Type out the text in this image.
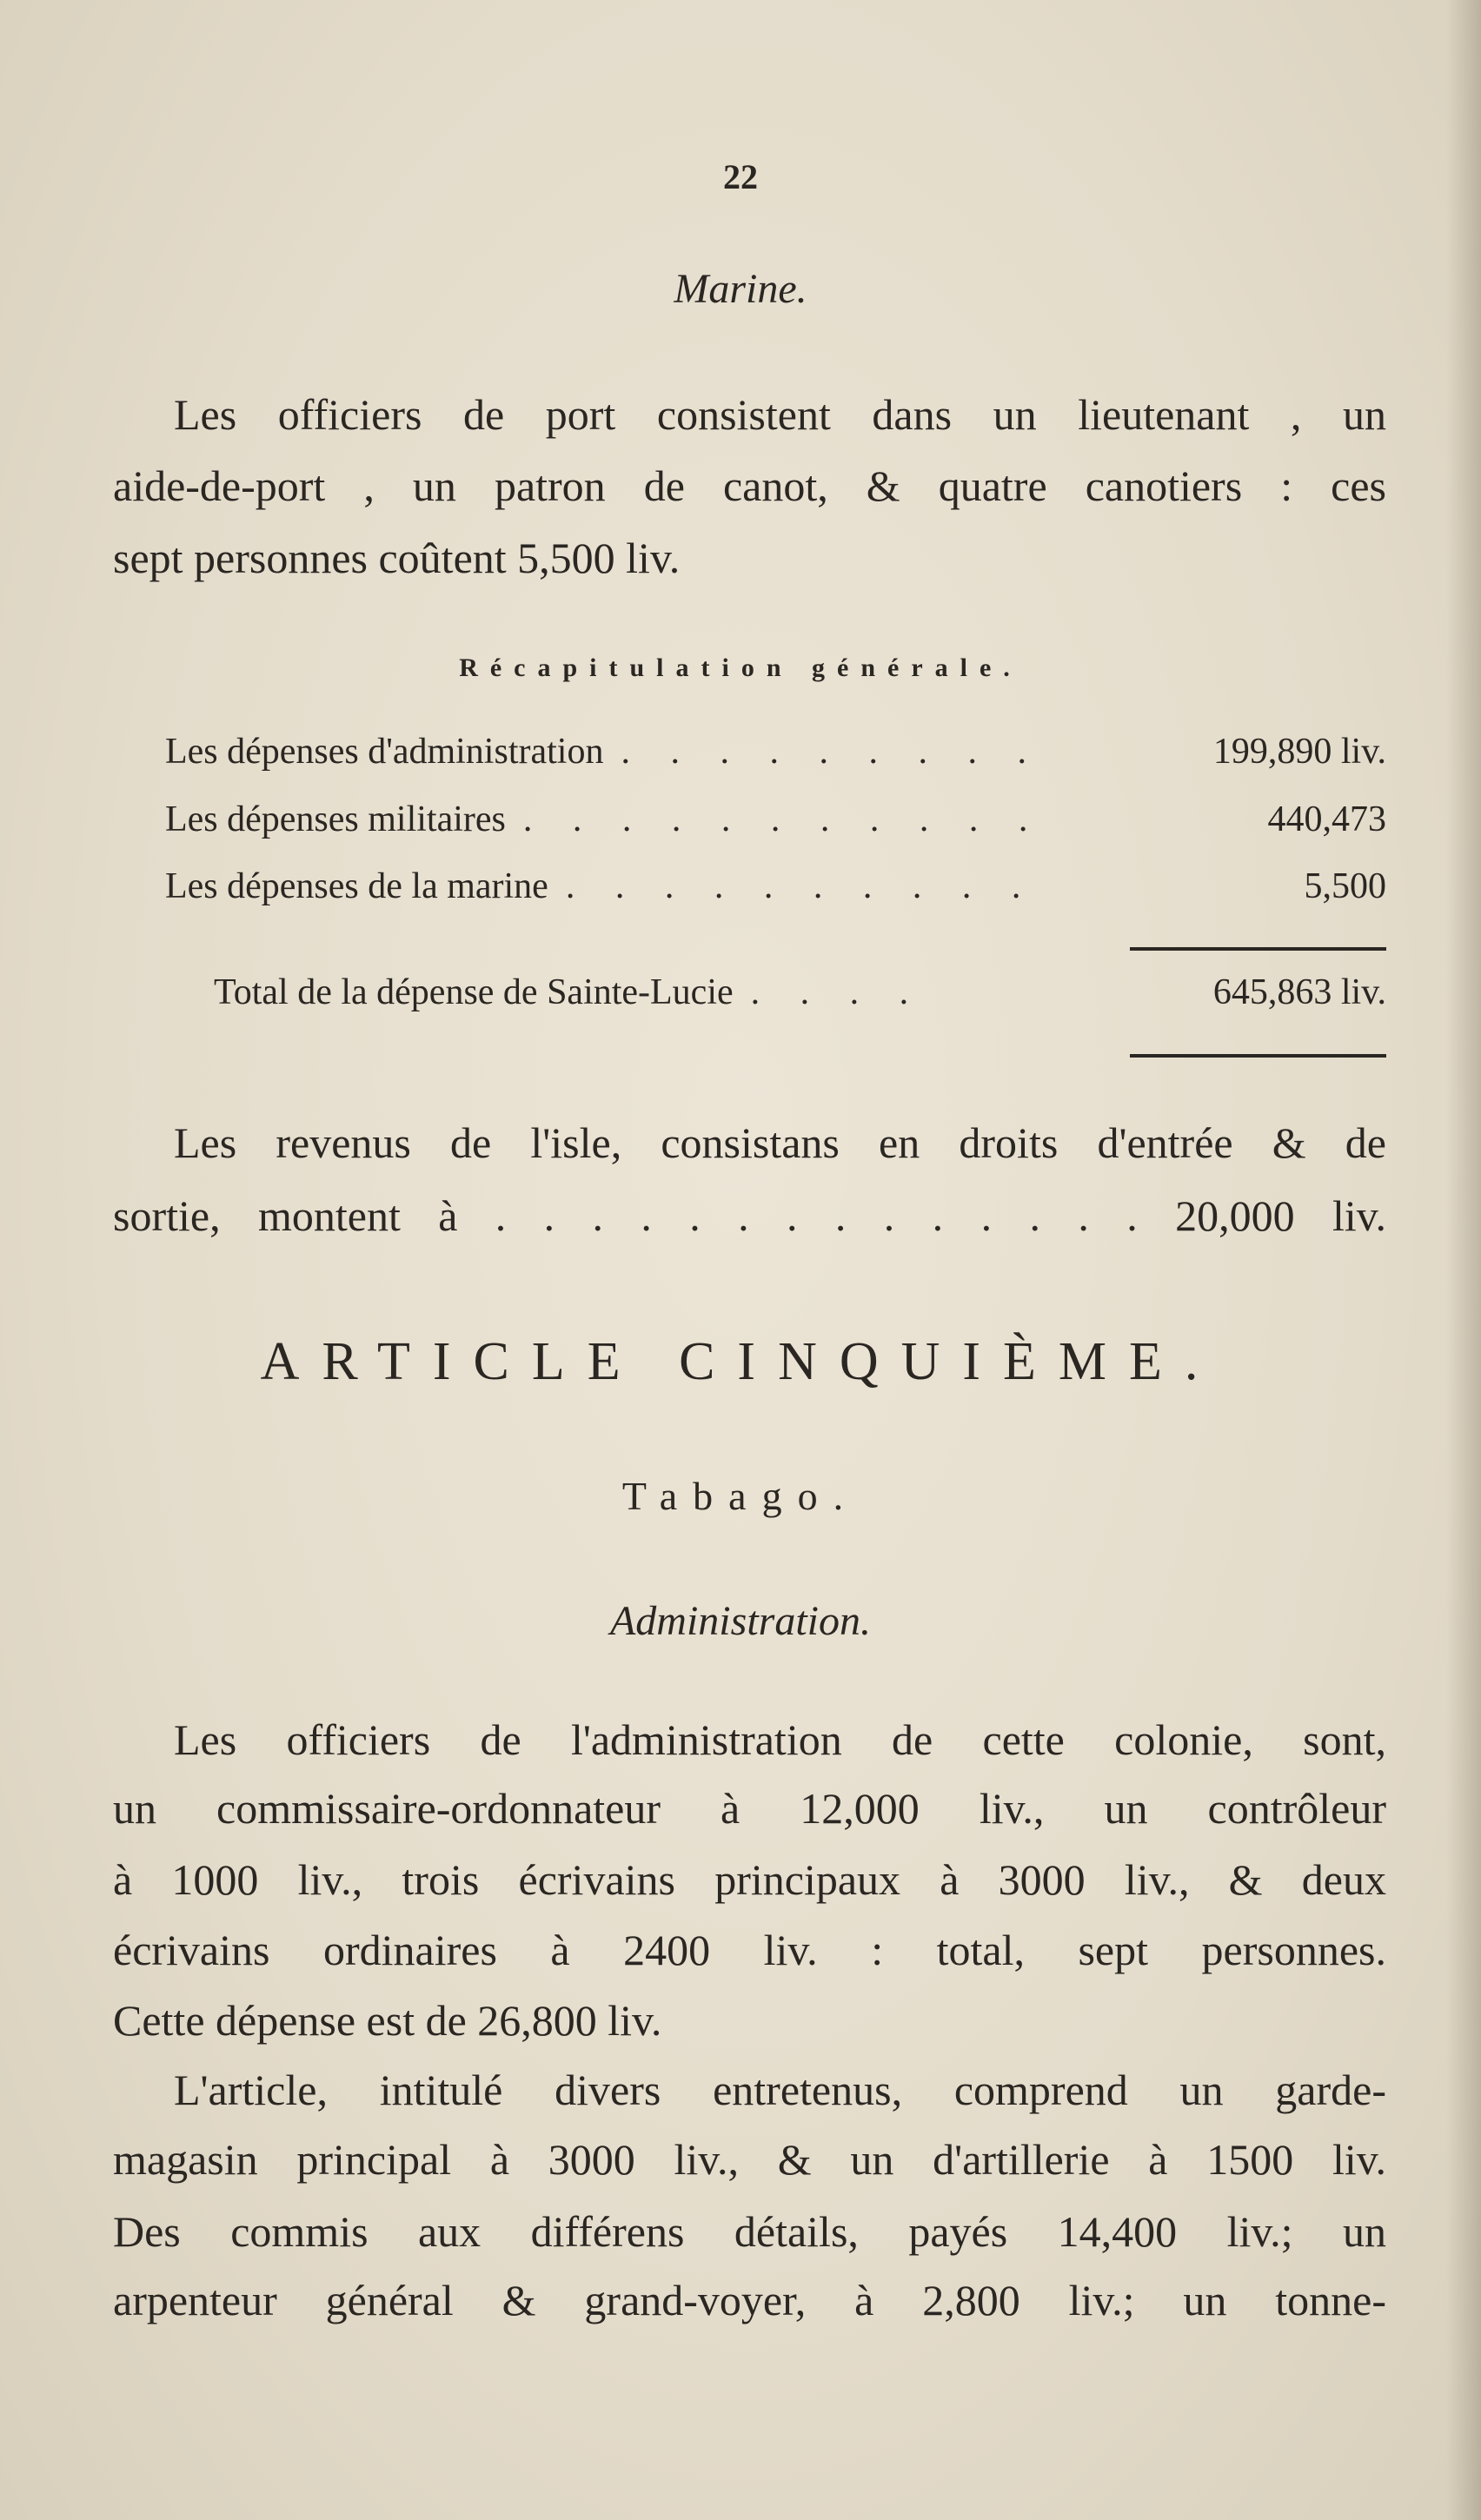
22
Marine.
Les officiers de port consistent dans un lieutenant , un
aide-de-port , un patron de canot, & quatre canotiers : ces
sept personnes coûtent 5,500 liv.
Récapitulation générale.
Les dépenses d'administration . . . . . . . . .	199,890 liv.
Les dépenses militaires . . . . . . . . . . .	440,473
Les dépenses de la marine . . . . . . . . . .	5,500
Total de la dépense de Sainte-Lucie . . . .	645,863 liv.
Les revenus de l'isle, consistans en droits d'entrée & de
sortie, montent à . . . . . . . . . . . . . . 20,000 liv.
ARTICLE CINQUIÈME.
Tabago.
Administration.
Les officiers de l'administration de cette colonie, sont,
un commissaire-ordonnateur à 12,000 liv., un contrôleur
à 1000 liv., trois écrivains principaux à 3000 liv., & deux
écrivains ordinaires à 2400 liv. : total, sept personnes.
Cette dépense est de 26,800 liv.
L'article, intitulé divers entretenus, comprend un garde-
magasin principal à 3000 liv., & un d'artillerie à 1500 liv.
Des commis aux différens détails, payés 14,400 liv.; un
arpenteur général & grand-voyer, à 2,800 liv.; un tonne-
